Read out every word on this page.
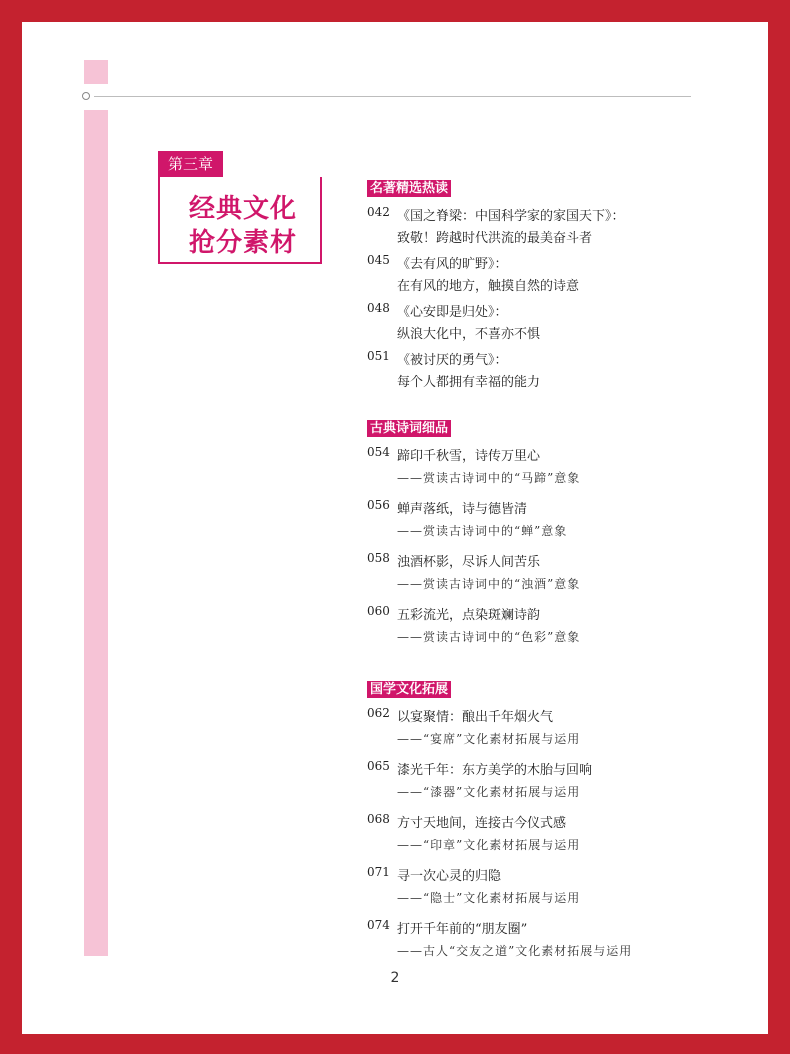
第三章
经典文化
抢分素材
名著精选热读
042 《国之脊梁：中国科学家的家国天下》：
致敬！跨越时代洪流的最美奋斗者
045 《去有风的旷野》：
在有风的地方，触摸自然的诗意
048 《心安即是归处》：
纵浪大化中，不喜亦不惧
051 《被讨厌的勇气》：
每个人都拥有幸福的能力
古典诗词细品
054 蹄印千秋雪，诗传万里心
——赏读古诗词中的“马蹄”意象
056 蝉声落纸，诗与德皆清
——赏读古诗词中的“蝉”意象
058 浊酒杯影，尽诉人间苦乐
——赏读古诗词中的“浊酒”意象
060 五彩流光，点染斑斓诗韵
——赏读古诗词中的“色彩”意象
国学文化拓展
062 以宴聚情：酿出千年烟火气
——“宴席”文化素材拓展与运用
065 漆光千年：东方美学的木胎与回响
——“漆器”文化素材拓展与运用
068 方寸天地间，连接古今仪式感
——“印章”文化素材拓展与运用
071 寻一次心灵的归隐
——“隐士”文化素材拓展与运用
074 打开千年前的“朋友圈”
——古人“交友之道”文化素材拓展与运用
2
